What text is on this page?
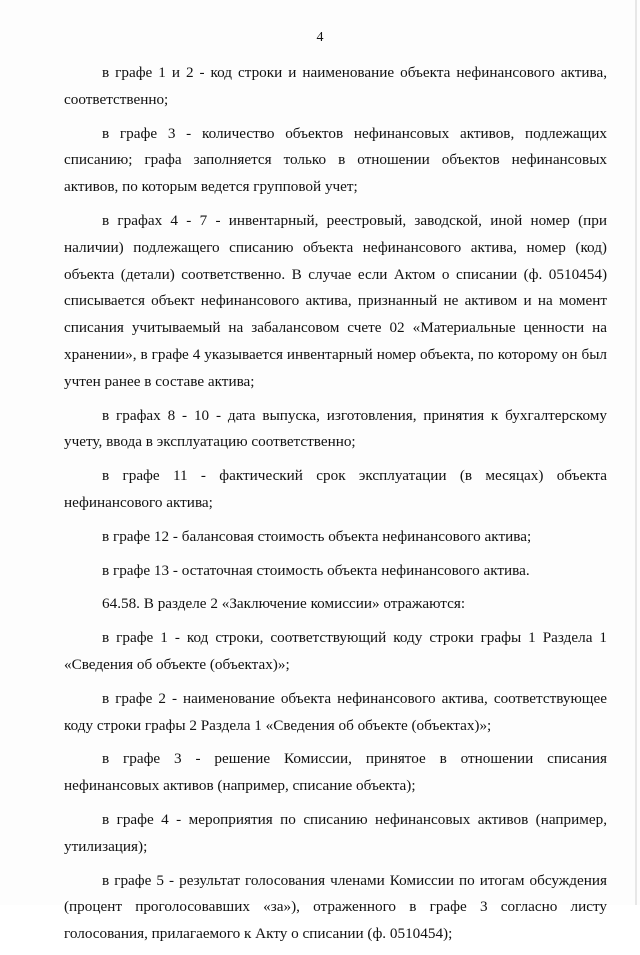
4

в графе 1 и 2 - код строки и наименование объекта нефинансового актива, соответственно;

в графе 3 - количество объектов нефинансовых активов, подлежащих списанию; графа заполняется только в отношении объектов нефинансовых активов, по которым ведется групповой учет;

в графах 4 - 7 - инвентарный, реестровый, заводской, иной номер (при наличии) подлежащего списанию объекта нефинансового актива, номер (код) объекта (детали) соответственно. В случае если Актом о списании (ф. 0510454) списывается объект нефинансового актива, признанный не активом и на момент списания учитываемый на забалансовом счете 02 «Материальные ценности на хранении», в графе 4 указывается инвентарный номер объекта, по которому он был учтен ранее в составе актива;

в графах 8 - 10 - дата выпуска, изготовления, принятия к бухгалтерскому учету, ввода в эксплуатацию соответственно;

в графе 11 - фактический срок эксплуатации (в месяцах) объекта нефинансового актива;

в графе 12 - балансовая стоимость объекта нефинансового актива;

в графе 13 - остаточная стоимость объекта нефинансового актива.

64.58. В разделе 2 «Заключение комиссии» отражаются:

в графе 1 - код строки, соответствующий коду строки графы 1 Раздела 1 «Сведения об объекте (объектах)»;

в графе 2 - наименование объекта нефинансового актива, соответствующее коду строки графы 2 Раздела 1 «Сведения об объекте (объектах)»;

в графе 3 - решение Комиссии, принятое в отношении списания нефинансовых активов (например, списание объекта);

в графе 4 - мероприятия по списанию нефинансовых активов (например, утилизация);

в графе 5 - результат голосования членами Комиссии по итогам обсуждения (процент проголосовавших «за»), отраженного в графе 3 согласно листу голосования, прилагаемого к Акту о списании (ф. 0510454);
